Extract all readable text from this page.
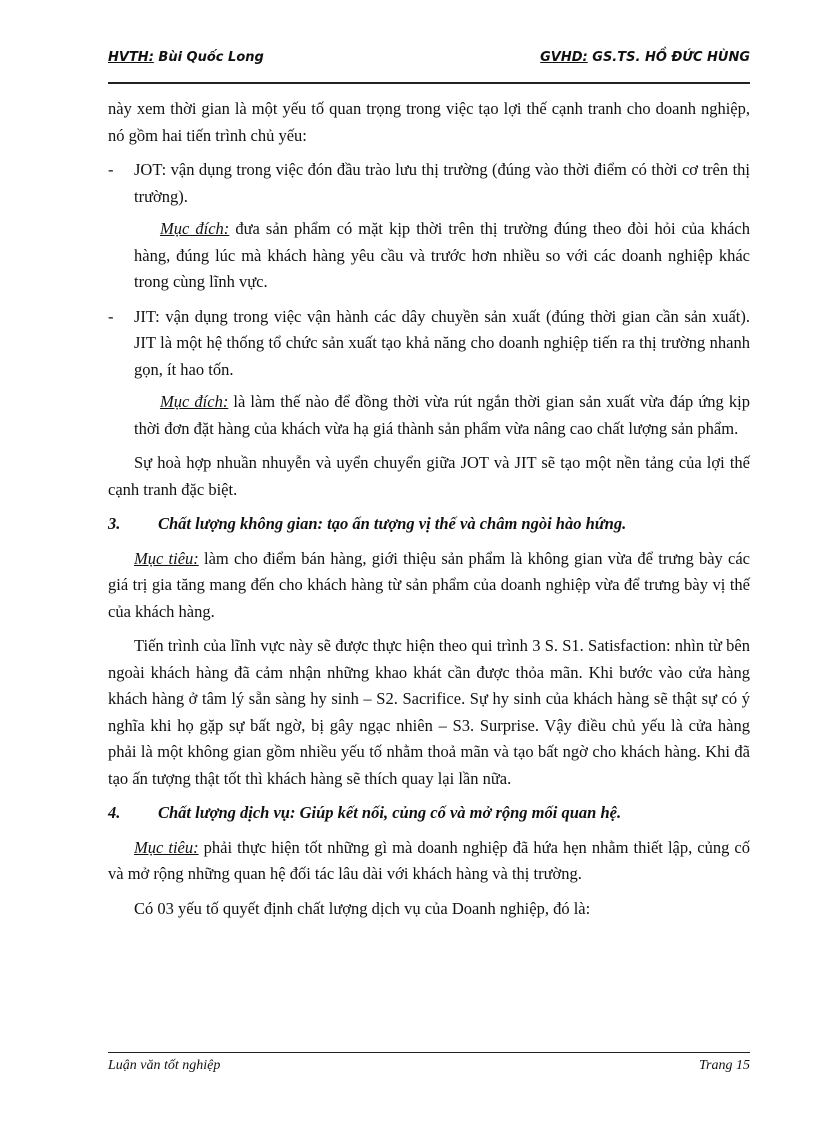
HVTH: Bùi Quốc Long	GVHD: GS.TS. HỒ ĐỨC HÙNG

này xem thời gian là một yếu tố quan trọng trong việc tạo lợi thế cạnh tranh cho doanh nghiệp, nó gồm hai tiến trình chủ yếu:

- JOT: vận dụng trong việc đón đầu trào lưu thị trường (đúng vào thời điểm có thời cơ trên thị trường).

Mục đích: đưa sản phẩm có mặt kịp thời trên thị trường đúng theo đòi hỏi của khách hàng, đúng lúc mà khách hàng yêu cầu và trước hơn nhiều so với các doanh nghiệp khác trong cùng lĩnh vực.

- JIT: vận dụng trong việc vận hành các dây chuyền sản xuất (đúng thời gian cần sản xuất). JIT là một hệ thống tổ chức sản xuất tạo khả năng cho doanh nghiệp tiến ra thị trường nhanh gọn, ít hao tốn.

Mục đích: là làm thế nào để đồng thời vừa rút ngắn thời gian sản xuất vừa đáp ứng kịp thời đơn đặt hàng của khách vừa hạ giá thành sản phẩm vừa nâng cao chất lượng sản phẩm.

Sự hoà hợp nhuần nhuyễn và uyển chuyển giữa JOT và JIT sẽ tạo một nền tảng của lợi thế cạnh tranh đặc biệt.

3. Chất lượng không gian: tạo ấn tượng vị thế và châm ngòi hào hứng.

Mục tiêu: làm cho điểm bán hàng, giới thiệu sản phẩm là không gian vừa để trưng bày các giá trị gia tăng mang đến cho khách hàng từ sản phẩm của doanh nghiệp vừa để trưng bày vị thế của khách hàng.

Tiến trình của lĩnh vực này sẽ được thực hiện theo qui trình 3 S. S1. Satisfaction: nhìn từ bên ngoài khách hàng đã cảm nhận những khao khát cần được thỏa mãn. Khi bước vào cửa hàng khách hàng ở tâm lý sẵn sàng hy sinh – S2. Sacrifice. Sự hy sinh của khách hàng sẽ thật sự có ý nghĩa khi họ gặp sự bất ngờ, bị gây ngạc nhiên – S3. Surprise. Vậy điều chủ yếu là cửa hàng phải là một không gian gồm nhiều yếu tố nhằm thoả mãn và tạo bất ngờ cho khách hàng. Khi đã tạo ấn tượng thật tốt thì khách hàng sẽ thích quay lại lần nữa.

4. Chất lượng dịch vụ: Giúp kết nối, củng cố và mở rộng mối quan hệ.

Mục tiêu: phải thực hiện tốt những gì mà doanh nghiệp đã hứa hẹn nhằm thiết lập, củng cố và mở rộng những quan hệ đối tác lâu dài với khách hàng và thị trường.

Có 03 yếu tố quyết định chất lượng dịch vụ của Doanh nghiệp, đó là:

Luận văn tốt nghiệp	Trang 15
